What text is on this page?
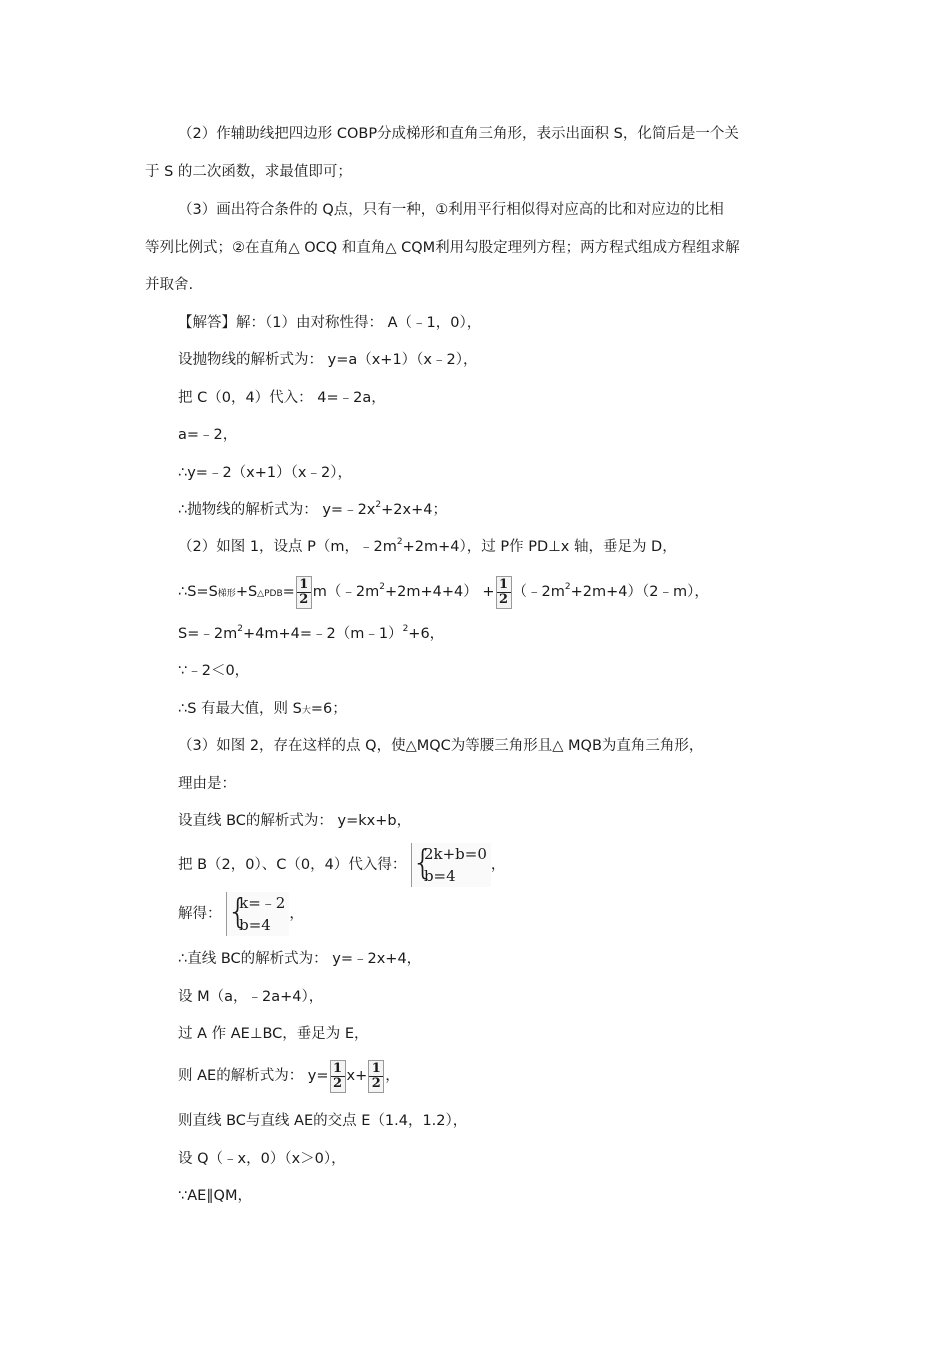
（2）作辅助线把四边形 COBP分成梯形和直角三角形，表示出面积 S，化简后是一个关
于 S 的二次函数，求最值即可；
（3）画出符合条件的 Q点，只有一种，①利用平行相似得对应高的比和对应边的比相
等列比例式；②在直角△ OCQ 和直角△ CQM利用勾股定理列方程；两方程式组成方程组求解
并取舍.
【解答】解：（1）由对称性得： A（﹣1，0），
设抛物线的解析式为： y=a（x+1）（x﹣2），
把 C（0，4）代入： 4=﹣2a，
a=﹣2，
∴y=﹣2（x+1）（x﹣2），
∴抛物线的解析式为： $y=﹣2x^2+2x+4$；
（2）如图 1，设点 P（m，$﹣2m^2+2m+4$），过 P作 PD⊥x 轴，垂足为 D，
∴S=S梯形+S△PDB= $\frac{1}{2}$ $m(﹣2m^2+2m+4+4) + \frac{1}{2}$ $(﹣2m^2+2m+4)(2﹣m)$，
$S=﹣2m^2+4m+4=﹣2(m﹣1)^2+6$，
∵﹣2＜0，
∴S 有最大值，则 S大=6；
（3）如图 2，存在这样的点 Q，使△MQC为等腰三角形且△ MQB为直角三角形，
理由是：
设直线 BC的解析式为： y=kx+b，
把 B（2，0）、C（0，4）代入得：
{ 2k+b=0
b=4
，
解得：
{ k=﹣2
b=4
，
∴直线 BC的解析式为： y=﹣2x+4，
设 M（a，﹣2a+4），
过 A 作 AE⊥BC，垂足为 E，
则 AE的解析式为： $y= \frac{1}{2} x+ \frac{1}{2}$ ，
则直线 BC与直线 AE的交点 E（1.4，1.2），
设 Q（﹣x，0）（x＞0），
∵AE∥QM，
